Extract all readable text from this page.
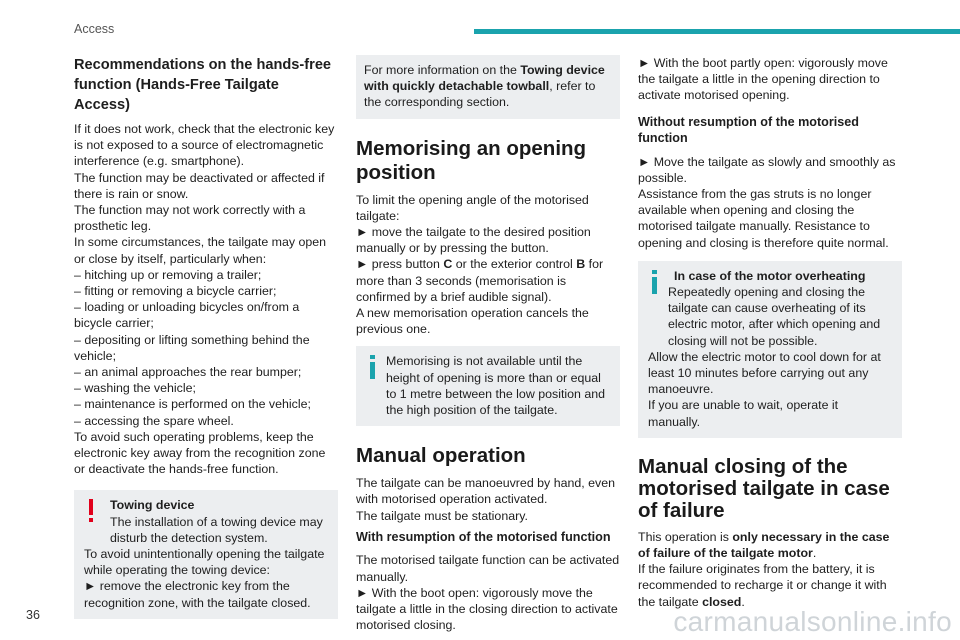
Access
Recommendations on the hands-free function (Hands-Free Tailgate Access)

If it does not work, check that the electronic key is not exposed to a source of electromagnetic interference (e.g. smartphone).

The function may be deactivated or affected if there is rain or snow.

The function may not work correctly with a prosthetic leg.

In some circumstances, the tailgate may open or close by itself, particularly when:

– hitching up or removing a trailer;

– fitting or removing a bicycle carrier;

– loading or unloading bicycles on/from a bicycle carrier;

– depositing or lifting something behind the vehicle;

– an animal approaches the rear bumper;

– washing the vehicle;

– maintenance is performed on the vehicle;

– accessing the spare wheel.

To avoid such operating problems, keep the electronic key away from the recognition zone or deactivate the hands-free function.

Towing device

The installation of a towing device may disturb the detection system.

To avoid unintentionally opening the tailgate while operating the towing device:

► remove the electronic key from the recognition zone, with the tailgate closed.

For more information on the Towing device with quickly detachable towball, refer to the corresponding section.

Memorising an opening position

To limit the opening angle of the motorised tailgate:

► move the tailgate to the desired position manually or by pressing the button.

► press button C or the exterior control B for more than 3 seconds (memorisation is confirmed by a brief audible signal).

A new memorisation operation cancels the previous one.

Memorising is not available until the height of opening is more than or equal to 1 metre between the low position and the high position of the tailgate.

Manual operation

The tailgate can be manoeuvred by hand, even with motorised operation activated.

The tailgate must be stationary.

With resumption of the motorised function

The motorised tailgate function can be activated manually.

► With the boot open: vigorously move the tailgate a little in the closing direction to activate motorised closing.

► With the boot partly open: vigorously move the tailgate a little in the opening direction to activate motorised opening.

Without resumption of the motorised function

► Move the tailgate as slowly and smoothly as possible.

Assistance from the gas struts is no longer available when opening and closing the motorised tailgate manually. Resistance to opening and closing is therefore quite normal.

In case of the motor overheating

Repeatedly opening and closing the tailgate can cause overheating of its electric motor, after which opening and closing will not be possible.

Allow the electric motor to cool down for at least 10 minutes before carrying out any manoeuvre.

If you are unable to wait, operate it manually.

Manual closing of the motorised tailgate in case of failure

This operation is only necessary in the case of failure of the tailgate motor.

If the failure originates from the battery, it is recommended to recharge it or change it with the tailgate closed.

36	carmanualsonline.info
